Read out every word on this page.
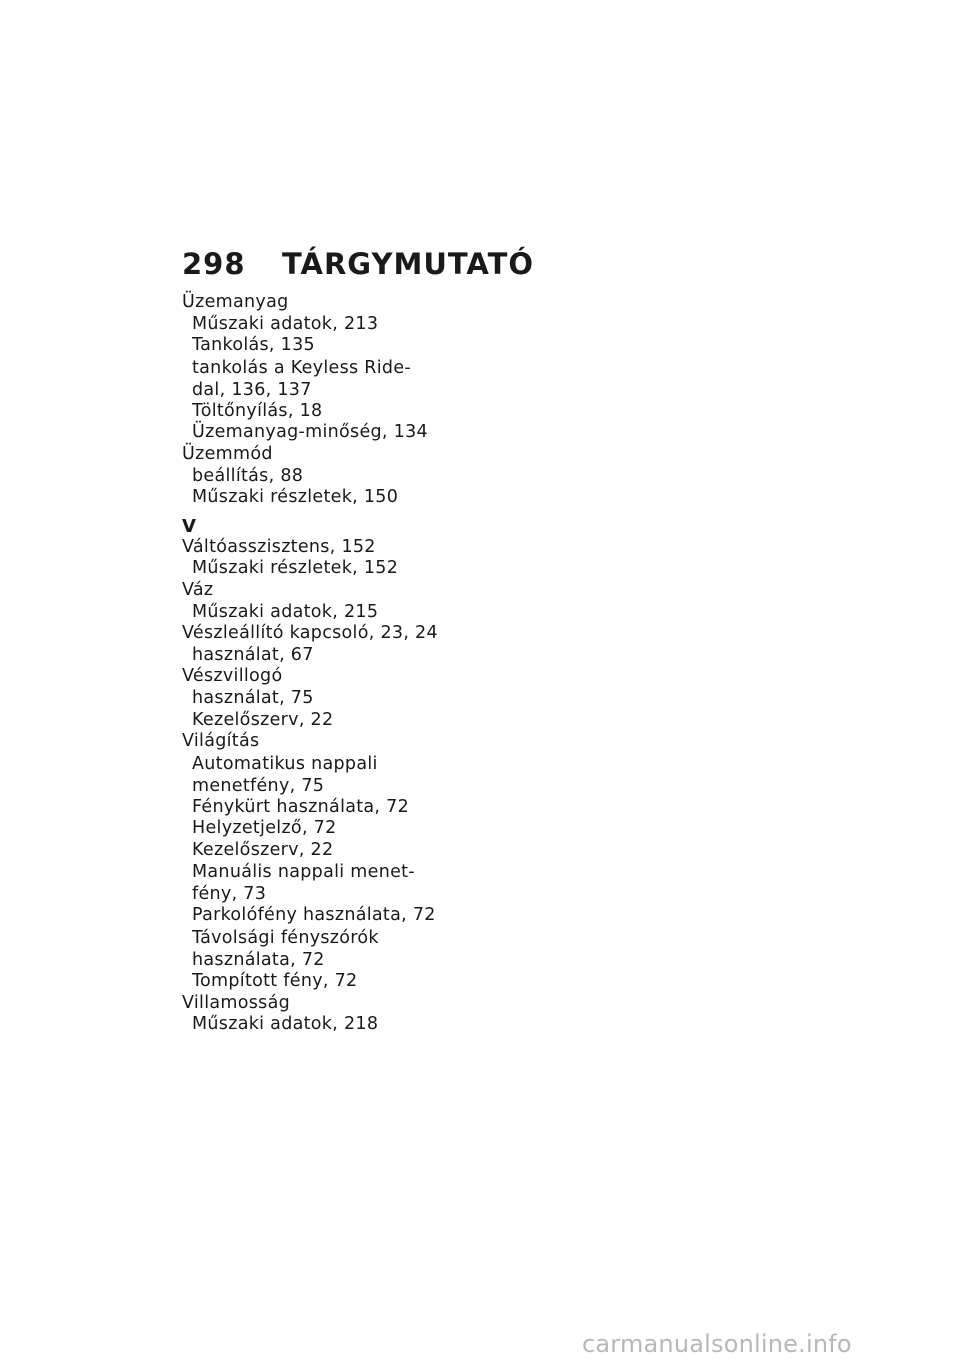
298 TÁRGYMUTATÓ
Üzemanyag
Műszaki adatok, 213
Tankolás, 135
tankolás a Keyless Ride-
dal, 136, 137
Töltőnyílás, 18
Üzemanyag-minőség, 134
Üzemmód
beállítás, 88
Műszaki részletek, 150
V
Váltóasszisztens, 152
Műszaki részletek, 152
Váz
Műszaki adatok, 215
Vészleállító kapcsoló, 23, 24
használat, 67
Vészvillogó
használat, 75
Kezelőszerv, 22
Világítás
Automatikus nappali
menetfény, 75
Fénykürt használata, 72
Helyzetjelző, 72
Kezelőszerv, 22
Manuális nappali menet-
fény, 73
Parkolófény használata, 72
Távolsági fényszórók
használata, 72
Tompított fény, 72
Villamosság
Műszaki adatok, 218
carmanualsonline.info
